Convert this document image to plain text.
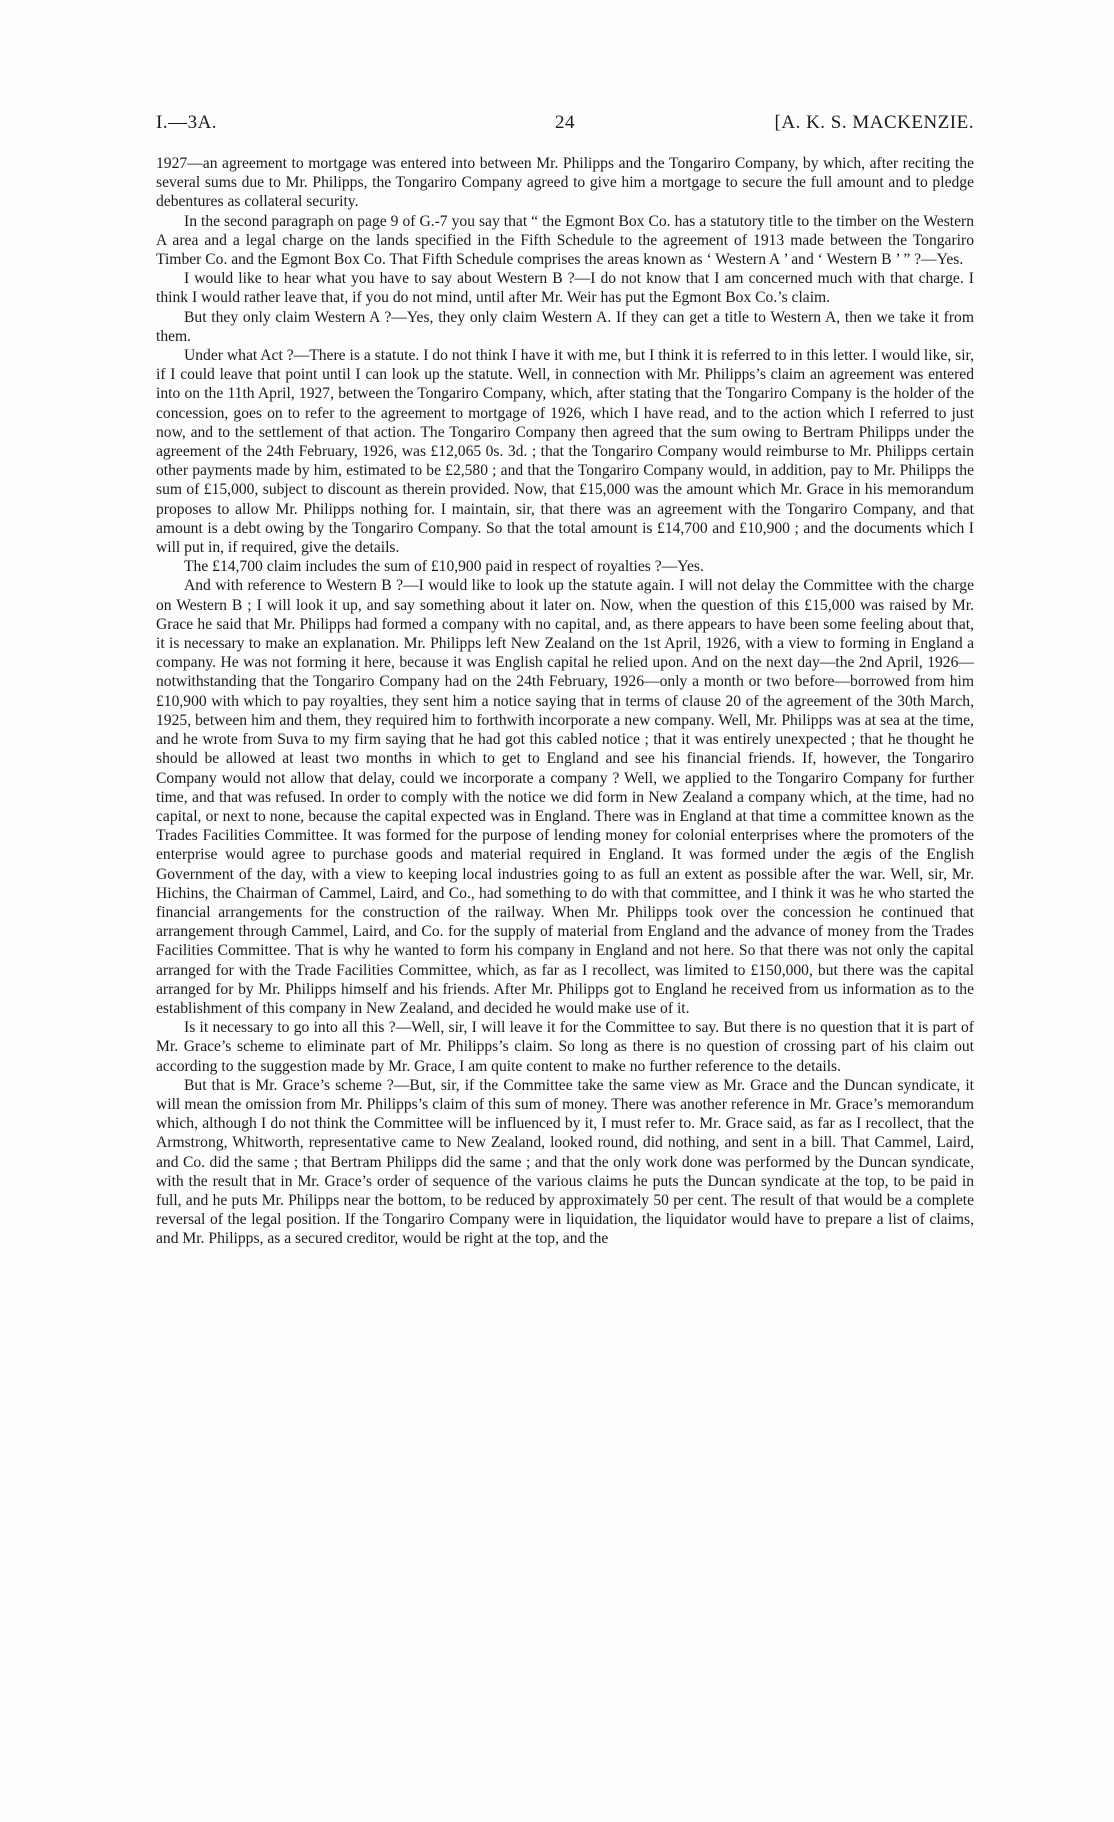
I.—3A.	24	[A. K. S. MACKENZIE.

1927—an agreement to mortgage was entered into between Mr. Philipps and the Tongariro Company, by which, after reciting the several sums due to Mr. Philipps, the Tongariro Company agreed to give him a mortgage to secure the full amount and to pledge debentures as collateral security.

In the second paragraph on page 9 of G.-7 you say that “ the Egmont Box Co. has a statutory title to the timber on the Western A area and a legal charge on the lands specified in the Fifth Schedule to the agreement of 1913 made between the Tongariro Timber Co. and the Egmont Box Co. That Fifth Schedule comprises the areas known as ‘ Western A ’ and ‘ Western B ’ ” ?—Yes.

I would like to hear what you have to say about Western B ?—I do not know that I am concerned much with that charge. I think I would rather leave that, if you do not mind, until after Mr. Weir has put the Egmont Box Co.’s claim.

But they only claim Western A ?—Yes, they only claim Western A. If they can get a title to Western A, then we take it from them.

Under what Act ?—There is a statute. I do not think I have it with me, but I think it is referred to in this letter. I would like, sir, if I could leave that point until I can look up the statute. Well, in connection with Mr. Philipps’s claim an agreement was entered into on the 11th April, 1927, between the Tongariro Company, which, after stating that the Tongariro Company is the holder of the concession, goes on to refer to the agreement to mortgage of 1926, which I have read, and to the action which I referred to just now, and to the settlement of that action. The Tongariro Company then agreed that the sum owing to Bertram Philipps under the agreement of the 24th February, 1926, was £12,065 0s. 3d. ; that the Tongariro Company would reimburse to Mr. Philipps certain other payments made by him, estimated to be £2,580 ; and that the Tongariro Company would, in addition, pay to Mr. Philipps the sum of £15,000, subject to discount as therein provided. Now, that £15,000 was the amount which Mr. Grace in his memorandum proposes to allow Mr. Philipps nothing for. I maintain, sir, that there was an agreement with the Tongariro Company, and that amount is a debt owing by the Tongariro Company. So that the total amount is £14,700 and £10,900 ; and the documents which I will put in, if required, give the details.

The £14,700 claim includes the sum of £10,900 paid in respect of royalties ?—Yes.

And with reference to Western B ?—I would like to look up the statute again. I will not delay the Committee with the charge on Western B ; I will look it up, and say something about it later on. Now, when the question of this £15,000 was raised by Mr. Grace he said that Mr. Philipps had formed a company with no capital, and, as there appears to have been some feeling about that, it is necessary to make an explanation. Mr. Philipps left New Zealand on the 1st April, 1926, with a view to forming in England a company. He was not forming it here, because it was English capital he relied upon. And on the next day—the 2nd April, 1926—notwithstanding that the Tongariro Company had on the 24th February, 1926—only a month or two before—borrowed from him £10,900 with which to pay royalties, they sent him a notice saying that in terms of clause 20 of the agreement of the 30th March, 1925, between him and them, they required him to forthwith incorporate a new company. Well, Mr. Philipps was at sea at the time, and he wrote from Suva to my firm saying that he had got this cabled notice ; that it was entirely unexpected ; that he thought he should be allowed at least two months in which to get to England and see his financial friends. If, however, the Tongariro Company would not allow that delay, could we incorporate a company ? Well, we applied to the Tongariro Company for further time, and that was refused. In order to comply with the notice we did form in New Zealand a company which, at the time, had no capital, or next to none, because the capital expected was in England. There was in England at that time a committee known as the Trades Facilities Committee. It was formed for the purpose of lending money for colonial enterprises where the promoters of the enterprise would agree to purchase goods and material required in England. It was formed under the ægis of the English Government of the day, with a view to keeping local industries going to as full an extent as possible after the war. Well, sir, Mr. Hichins, the Chairman of Cammel, Laird, and Co., had something to do with that committee, and I think it was he who started the financial arrangements for the construction of the railway. When Mr. Philipps took over the concession he continued that arrangement through Cammel, Laird, and Co. for the supply of material from England and the advance of money from the Trades Facilities Committee. That is why he wanted to form his company in England and not here. So that there was not only the capital arranged for with the Trade Facilities Committee, which, as far as I recollect, was limited to £150,000, but there was the capital arranged for by Mr. Philipps himself and his friends. After Mr. Philipps got to England he received from us information as to the establishment of this company in New Zealand, and decided he would make use of it.

Is it necessary to go into all this ?—Well, sir, I will leave it for the Committee to say. But there is no question that it is part of Mr. Grace’s scheme to eliminate part of Mr. Philipps’s claim. So long as there is no question of crossing part of his claim out according to the suggestion made by Mr. Grace, I am quite content to make no further reference to the details.

But that is Mr. Grace’s scheme ?—But, sir, if the Committee take the same view as Mr. Grace and the Duncan syndicate, it will mean the omission from Mr. Philipps’s claim of this sum of money. There was another reference in Mr. Grace’s memorandum which, although I do not think the Committee will be influenced by it, I must refer to. Mr. Grace said, as far as I recollect, that the Armstrong, Whitworth, representative came to New Zealand, looked round, did nothing, and sent in a bill. That Cammel, Laird, and Co. did the same ; that Bertram Philipps did the same ; and that the only work done was performed by the Duncan syndicate, with the result that in Mr. Grace’s order of sequence of the various claims he puts the Duncan syndicate at the top, to be paid in full, and he puts Mr. Philipps near the bottom, to be reduced by approximately 50 per cent. The result of that would be a complete reversal of the legal position. If the Tongariro Company were in liquidation, the liquidator would have to prepare a list of claims, and Mr. Philipps, as a secured creditor, would be right at the top, and the
